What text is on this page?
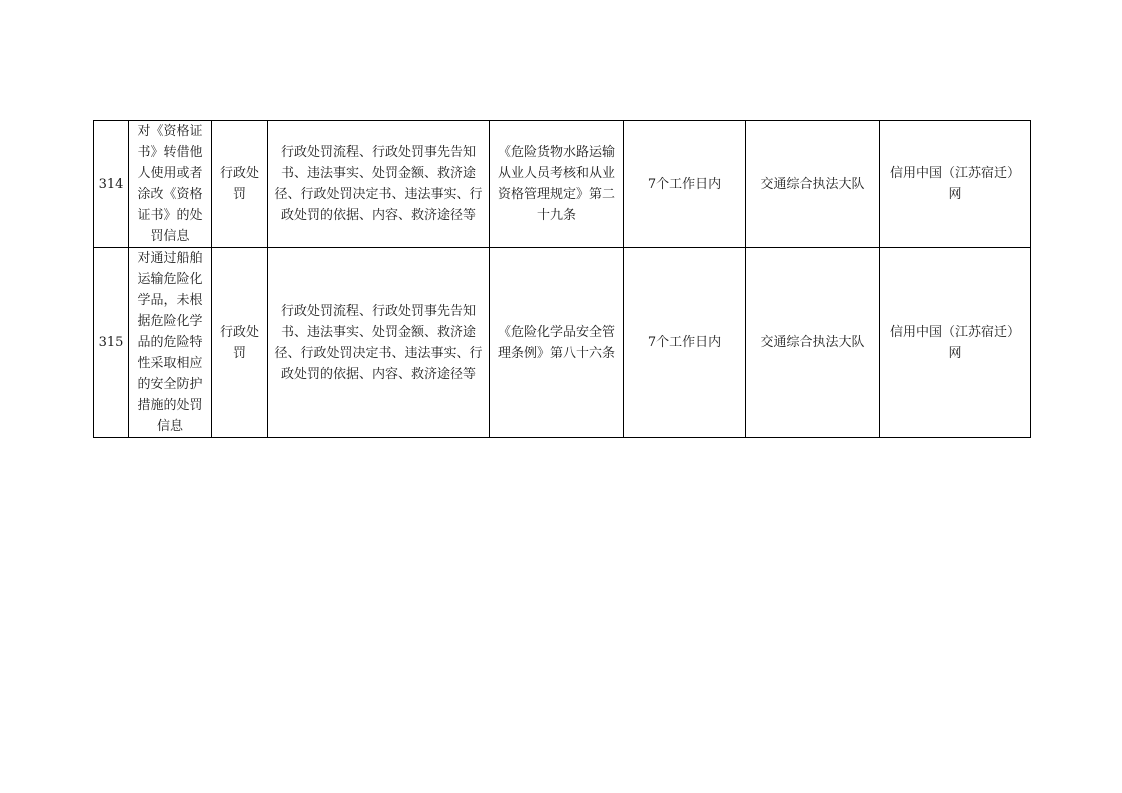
314	对《资格证书》转借他人使用或者涂改《资格证书》的处罚信息	行政处罚	行政处罚流程、行政处罚事先告知书、违法事实、处罚金额、救济途径、行政处罚决定书、违法事实、行政处罚的依据、内容、救济途径等	《危险货物水路运输从业人员考核和从业资格管理规定》第二十九条	7个工作日内	交通综合执法大队	信用中国（江苏宿迁）网
315	对通过船舶运输危险化学品，未根据危险化学品的危险特性采取相应的安全防护措施的处罚信息	行政处罚	行政处罚流程、行政处罚事先告知书、违法事实、处罚金额、救济途径、行政处罚决定书、违法事实、行政处罚的依据、内容、救济途径等	《危险化学品安全管理条例》第八十六条	7个工作日内	交通综合执法大队	信用中国（江苏宿迁）网
